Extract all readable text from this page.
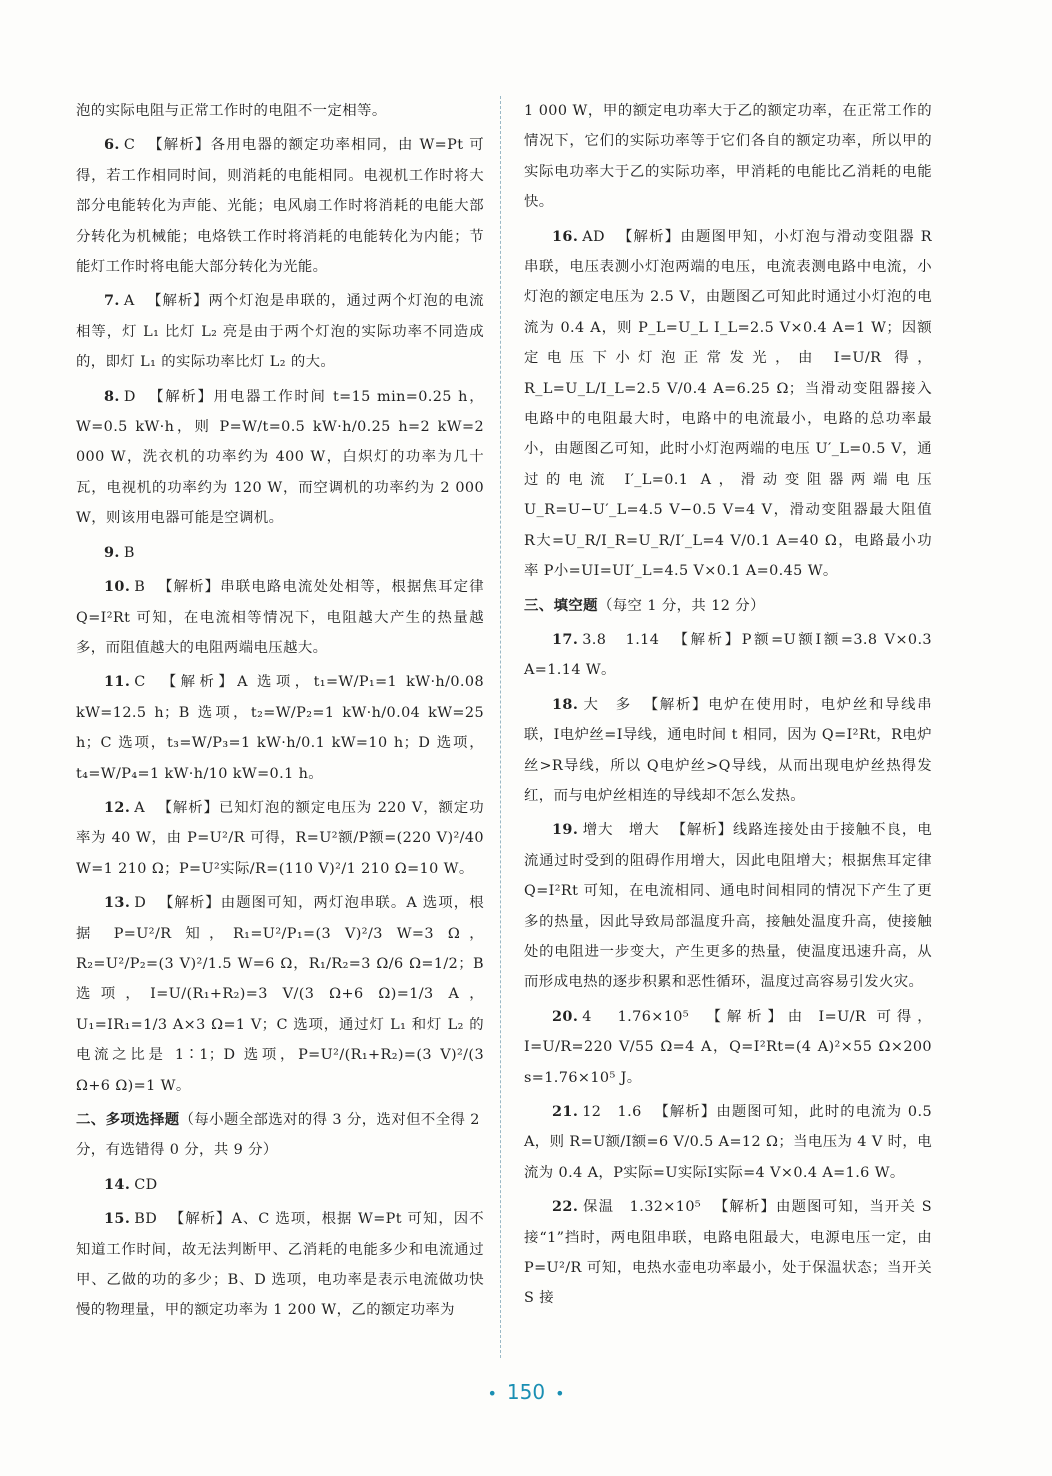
泡的实际电阻与正常工作时的电阻不一定相等。

6. C 【解析】各用电器的额定功率相同，由 W=Pt 可得，若工作相同时间，则消耗的电能相同。电视机工作时将大部分电能转化为声能、光能；电风扇工作时将消耗的电能大部分转化为机械能；电烙铁工作时将消耗的电能转化为内能；节能灯工作时将电能大部分转化为光能。

7. A 【解析】两个灯泡是串联的，通过两个灯泡的电流相等，灯 L₁ 比灯 L₂ 亮是由于两个灯泡的实际功率不同造成的，即灯 L₁ 的实际功率比灯 L₂ 的大。

8. D 【解析】用电器工作时间 t=15 min=0.25 h，W=0.5 kW·h，则 P=W/t=0.5 kW·h/0.25 h=2 kW=2 000 W，洗衣机的功率约为 400 W，白炽灯的功率为几十瓦，电视机的功率约为 120 W，而空调机的功率约为 2 000 W，则该用电器可能是空调机。

9. B

10. B 【解析】串联电路电流处处相等，根据焦耳定律 Q=I²Rt 可知，在电流相等情况下，电阻越大产生的热量越多，而阻值越大的电阻两端电压越大。

11. C 【解析】A 选项，t₁=W/P₁=1 kW·h/0.08 kW=12.5 h；B 选项，t₂=W/P₂=1 kW·h/0.04 kW=25 h；C 选项，t₃=W/P₃=1 kW·h/0.1 kW=10 h；D 选项，t₄=W/P₄=1 kW·h/10 kW=0.1 h。

12. A 【解析】已知灯泡的额定电压为 220 V，额定功率为 40 W，由 P=U²/R 可得，R=U²额/P额=(220 V)²/40 W=1 210 Ω；P=U²实际/R=(110 V)²/1 210 Ω=10 W。

13. D 【解析】由题图可知，两灯泡串联。A 选项，根据 P=U²/R 知，R₁=U²/P₁=(3 V)²/3 W=3 Ω，R₂=U²/P₂=(3 V)²/1.5 W=6 Ω，R₁/R₂=3 Ω/6 Ω=1/2；B 选项，I=U/(R₁+R₂)=3 V/(3 Ω+6 Ω)=1/3 A，U₁=IR₁=1/3 A×3 Ω=1 V；C 选项，通过灯 L₁ 和灯 L₂ 的电流之比是 1∶1；D 选项，P=U²/(R₁+R₂)=(3 V)²/(3 Ω+6 Ω)=1 W。

二、多项选择题（每小题全部选对的得 3 分，选对但不全得 2 分，有选错得 0 分，共 9 分）

14. CD

15. BD 【解析】A、C 选项，根据 W=Pt 可知，因不知道工作时间，故无法判断甲、乙消耗的电能多少和电流通过甲、乙做的功的多少；B、D 选项，电功率是表示电流做功快慢的物理量，甲的额定功率为 1 200 W，乙的额定功率为

1 000 W，甲的额定电功率大于乙的额定功率，在正常工作的情况下，它们的实际功率等于它们各自的额定功率，所以甲的实际电功率大于乙的实际功率，甲消耗的电能比乙消耗的电能快。

16. AD 【解析】由题图甲知，小灯泡与滑动变阻器 R 串联，电压表测小灯泡两端的电压，电流表测电路中电流，小灯泡的额定电压为 2.5 V，由题图乙可知此时通过小灯泡的电流为 0.4 A，则 P_L=U_L I_L=2.5 V×0.4 A=1 W；因额定电压下小灯泡正常发光，由 I=U/R 得，R_L=U_L/I_L=2.5 V/0.4 A=6.25 Ω；当滑动变阻器接入电路中的电阻最大时，电路中的电流最小，电路的总功率最小，由题图乙可知，此时小灯泡两端的电压 U′_L=0.5 V，通过的电流 I′_L=0.1 A，滑动变阻器两端电压 U_R=U−U′_L=4.5 V−0.5 V=4 V，滑动变阻器最大阻值 R大=U_R/I_R=U_R/I′_L=4 V/0.1 A=40 Ω，电路最小功率 P小=UI=UI′_L=4.5 V×0.1 A=0.45 W。

三、填空题（每空 1 分，共 12 分）

17. 3.8　1.14 【解析】P额=U额I额=3.8 V×0.3 A=1.14 W。

18. 大　多 【解析】电炉在使用时，电炉丝和导线串联，I电炉丝=I导线，通电时间 t 相同，因为 Q=I²Rt，R电炉丝>R导线，所以 Q电炉丝>Q导线，从而出现电炉丝热得发红，而与电炉丝相连的导线却不怎么发热。

19. 增大　增大 【解析】线路连接处由于接触不良，电流通过时受到的阻碍作用增大，因此电阻增大；根据焦耳定律 Q=I²Rt 可知，在电流相同、通电时间相同的情况下产生了更多的热量，因此导致局部温度升高，接触处温度升高，使接触处的电阻进一步变大，产生更多的热量，使温度迅速升高，从而形成电热的逐步积累和恶性循环，温度过高容易引发火灾。

20. 4　1.76×10⁵ 【解析】由 I=U/R 可得，I=U/R=220 V/55 Ω=4 A，Q=I²Rt=(4 A)²×55 Ω×200 s=1.76×10⁵ J。

21. 12　1.6 【解析】由题图可知，此时的电流为 0.5 A，则 R=U额/I额=6 V/0.5 A=12 Ω；当电压为 4 V 时，电流为 0.4 A，P实际=U实际I实际=4 V×0.4 A=1.6 W。

22. 保温　1.32×10⁵ 【解析】由题图可知，当开关 S 接“1”挡时，两电阻串联，电路电阻最大，电源电压一定，由 P=U²/R 可知，电热水壶电功率最小，处于保温状态；当开关 S 接

• 150 •
